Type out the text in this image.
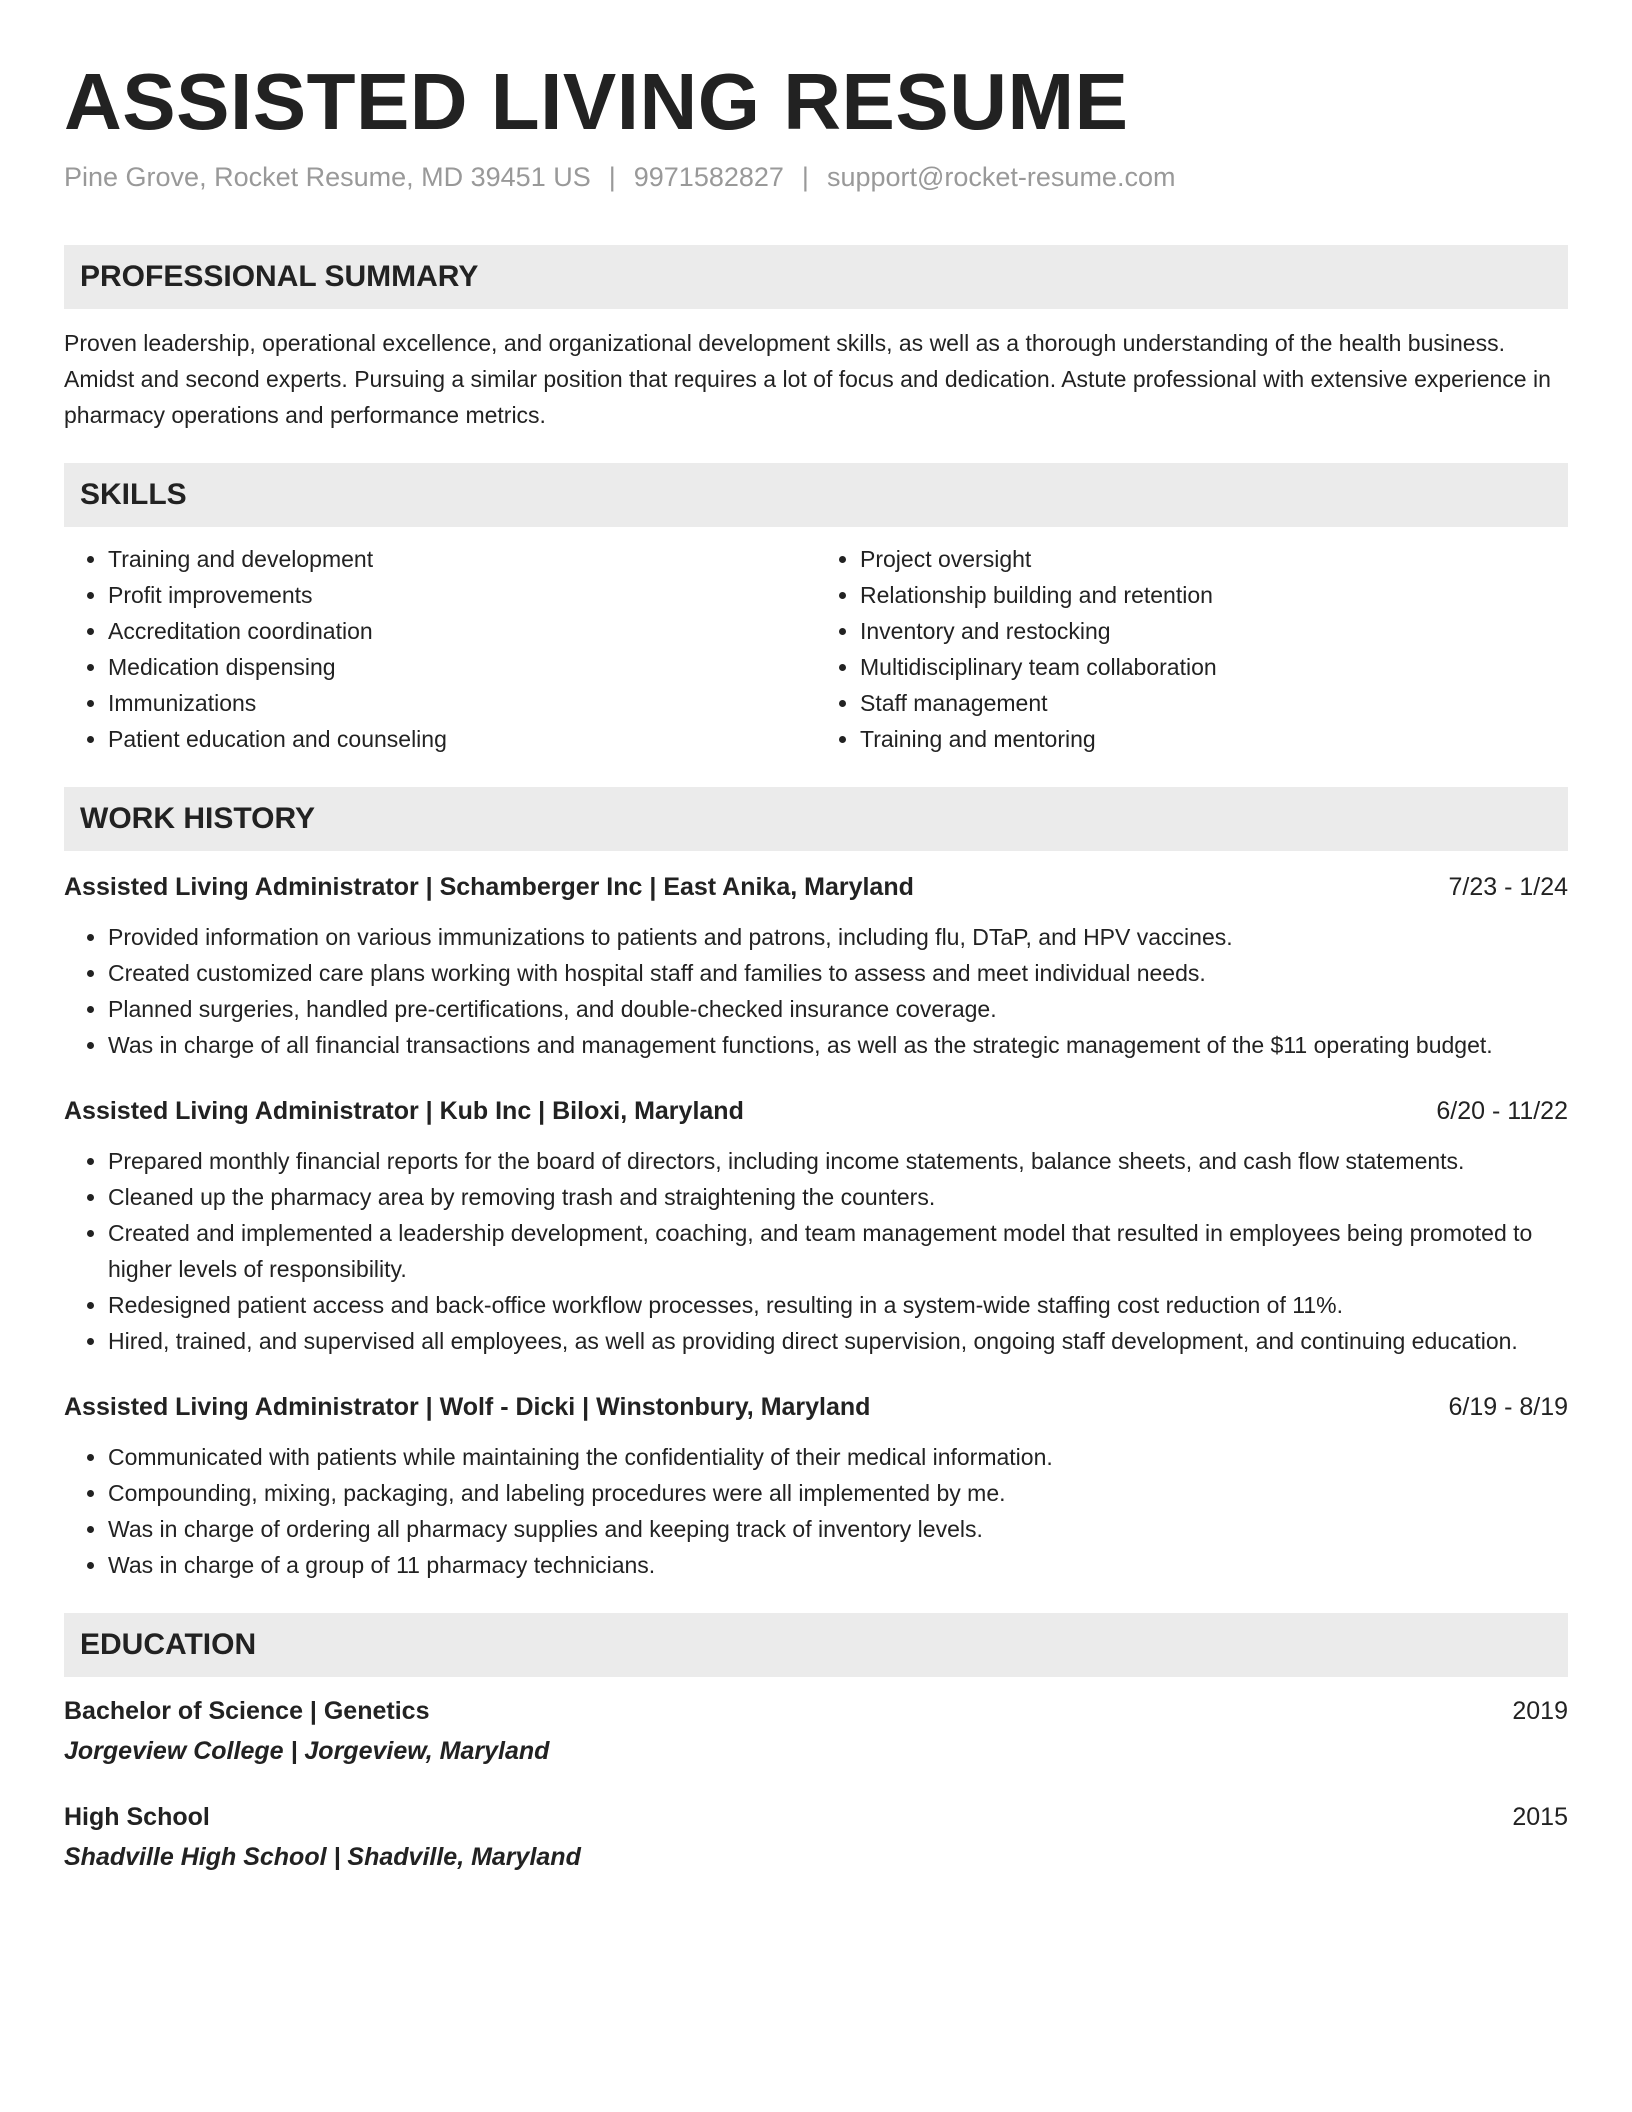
ASSISTED LIVING RESUME
Pine Grove, Rocket Resume, MD 39451 US | 9971582827 | support@rocket-resume.com
PROFESSIONAL SUMMARY
Proven leadership, operational excellence, and organizational development skills, as well as a thorough understanding of the health business. Amidst and second experts. Pursuing a similar position that requires a lot of focus and dedication. Astute professional with extensive experience in pharmacy operations and performance metrics.
SKILLS
• Training and development
• Profit improvements
• Accreditation coordination
• Medication dispensing
• Immunizations
• Patient education and counseling
• Project oversight
• Relationship building and retention
• Inventory and restocking
• Multidisciplinary team collaboration
• Staff management
• Training and mentoring
WORK HISTORY
Assisted Living Administrator | Schamberger Inc | East Anika, Maryland	7/23 - 1/24
• Provided information on various immunizations to patients and patrons, including flu, DTaP, and HPV vaccines.
• Created customized care plans working with hospital staff and families to assess and meet individual needs.
• Planned surgeries, handled pre-certifications, and double-checked insurance coverage.
• Was in charge of all financial transactions and management functions, as well as the strategic management of the $11 operating budget.
Assisted Living Administrator | Kub Inc | Biloxi, Maryland	6/20 - 11/22
• Prepared monthly financial reports for the board of directors, including income statements, balance sheets, and cash flow statements.
• Cleaned up the pharmacy area by removing trash and straightening the counters.
• Created and implemented a leadership development, coaching, and team management model that resulted in employees being promoted to higher levels of responsibility.
• Redesigned patient access and back-office workflow processes, resulting in a system-wide staffing cost reduction of 11%.
• Hired, trained, and supervised all employees, as well as providing direct supervision, ongoing staff development, and continuing education.
Assisted Living Administrator | Wolf - Dicki | Winstonbury, Maryland	6/19 - 8/19
• Communicated with patients while maintaining the confidentiality of their medical information.
• Compounding, mixing, packaging, and labeling procedures were all implemented by me.
• Was in charge of ordering all pharmacy supplies and keeping track of inventory levels.
• Was in charge of a group of 11 pharmacy technicians.
EDUCATION
Bachelor of Science | Genetics	2019
Jorgeview College | Jorgeview, Maryland
High School	2015
Shadville High School | Shadville, Maryland
